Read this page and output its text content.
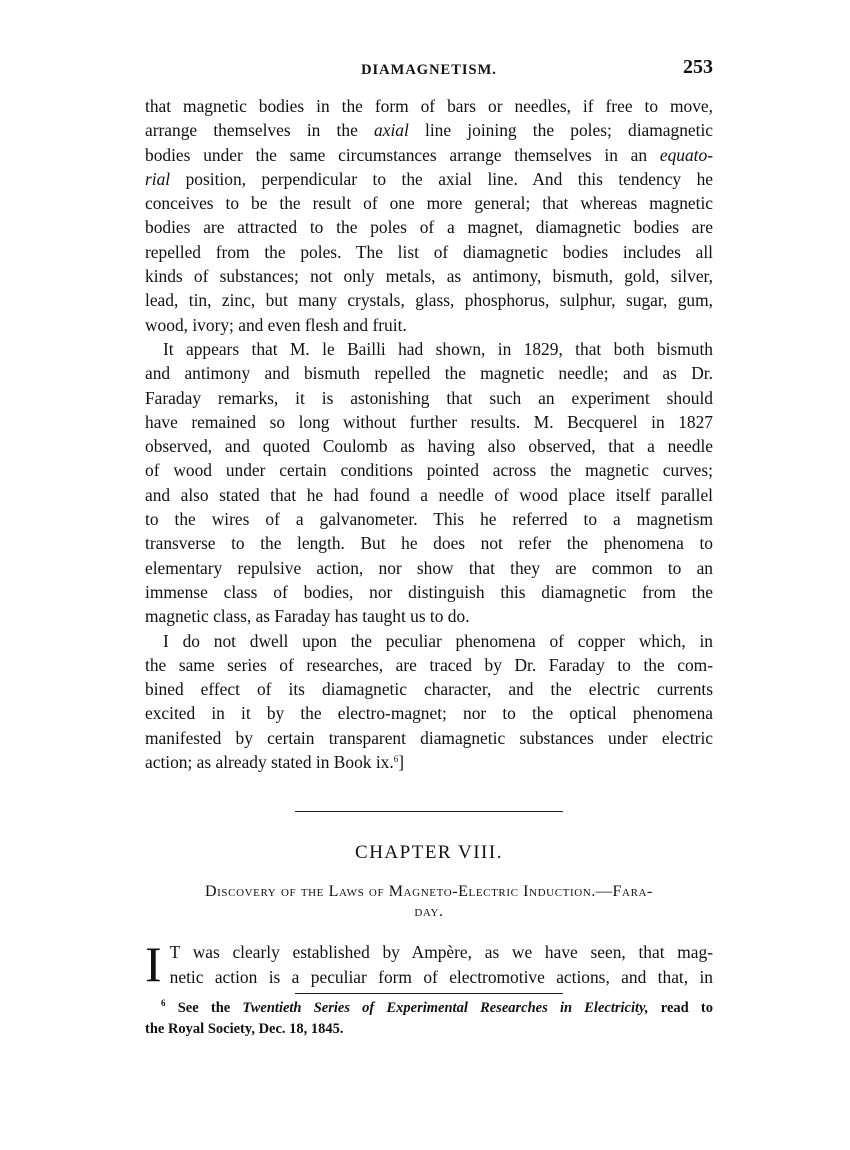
DIAMAGNETISM.	253

that magnetic bodies in the form of bars or needles, if free to move,
arrange themselves in the axial line joining the poles; diamagnetic
bodies under the same circumstances arrange themselves in an equato-
rial position, perpendicular to the axial line. And this tendency he
conceives to be the result of one more general; that whereas magnetic
bodies are attracted to the poles of a magnet, diamagnetic bodies are
repelled from the poles. The list of diamagnetic bodies includes all
kinds of substances; not only metals, as antimony, bismuth, gold, silver,
lead, tin, zinc, but many crystals, glass, phosphorus, sulphur, sugar, gum,
wood, ivory; and even flesh and fruit.

It appears that M. le Bailli had shown, in 1829, that both bismuth
and antimony and bismuth repelled the magnetic needle; and as Dr.
Faraday remarks, it is astonishing that such an experiment should
have remained so long without further results. M. Becquerel in 1827
observed, and quoted Coulomb as having also observed, that a needle
of wood under certain conditions pointed across the magnetic curves;
and also stated that he had found a needle of wood place itself parallel
to the wires of a galvanometer. This he referred to a magnetism
transverse to the length. But he does not refer the phenomena to
elementary repulsive action, nor show that they are common to an
immense class of bodies, nor distinguish this diamagnetic from the
magnetic class, as Faraday has taught us to do.

I do not dwell upon the peculiar phenomena of copper which, in
the same series of researches, are traced by Dr. Faraday to the com-
bined effect of its diamagnetic character, and the electric currents
excited in it by the electro-magnet; nor to the optical phenomena
manifested by certain transparent diamagnetic substances under electric
action; as already stated in Book ix.$^6$]

CHAPTER VIII.
Discovery of the Laws of Magneto-Electric Induction.—Fara-
day.
I T was clearly established by Ampère, as we have seen, that mag-
netic action is a peculiar form of electromotive actions, and that, in
$^6$ See the Twentieth Series of Experimental Researches in Electricity, read to
the Royal Society, Dec. 18, 1845.
